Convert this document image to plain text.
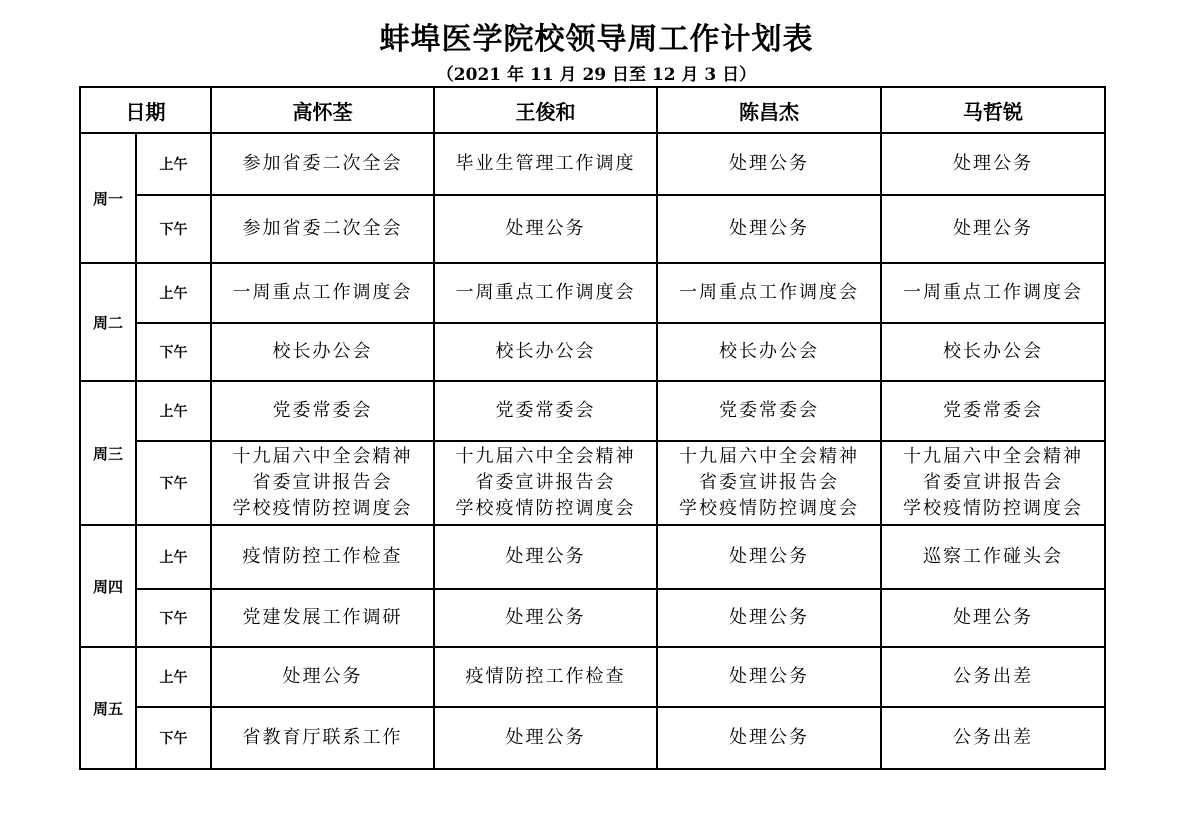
蚌埠医学院校领导周工作计划表
（2021 年 11 月 29 日至 12 月 3 日）
日期		高怀荃	王俊和	陈昌杰	马哲锐
周一	上午	参加省委二次全会	毕业生管理工作调度	处理公务	处理公务

	下午	参加省委二次全会	处理公务	处理公务	处理公务

周二	上午	一周重点工作调度会	一周重点工作调度会	一周重点工作调度会	一周重点工作调度会

	下午	校长办公会	校长办公会	校长办公会	校长办公会

周三	上午	党委常委会	党委常委会	党委常委会	党委常委会

	下午	十九届六中全会精神
省委宣讲报告会
学校疫情防控调度会	十九届六中全会精神
省委宣讲报告会
学校疫情防控调度会	十九届六中全会精神
省委宣讲报告会
学校疫情防控调度会	十九届六中全会精神
省委宣讲报告会
学校疫情防控调度会

周四	上午	疫情防控工作检查	处理公务	处理公务	巡察工作碰头会

	下午	党建发展工作调研	处理公务	处理公务	处理公务

周五	上午	处理公务	疫情防控工作检查	处理公务	公务出差

	下午	省教育厅联系工作	处理公务	处理公务	公务出差
